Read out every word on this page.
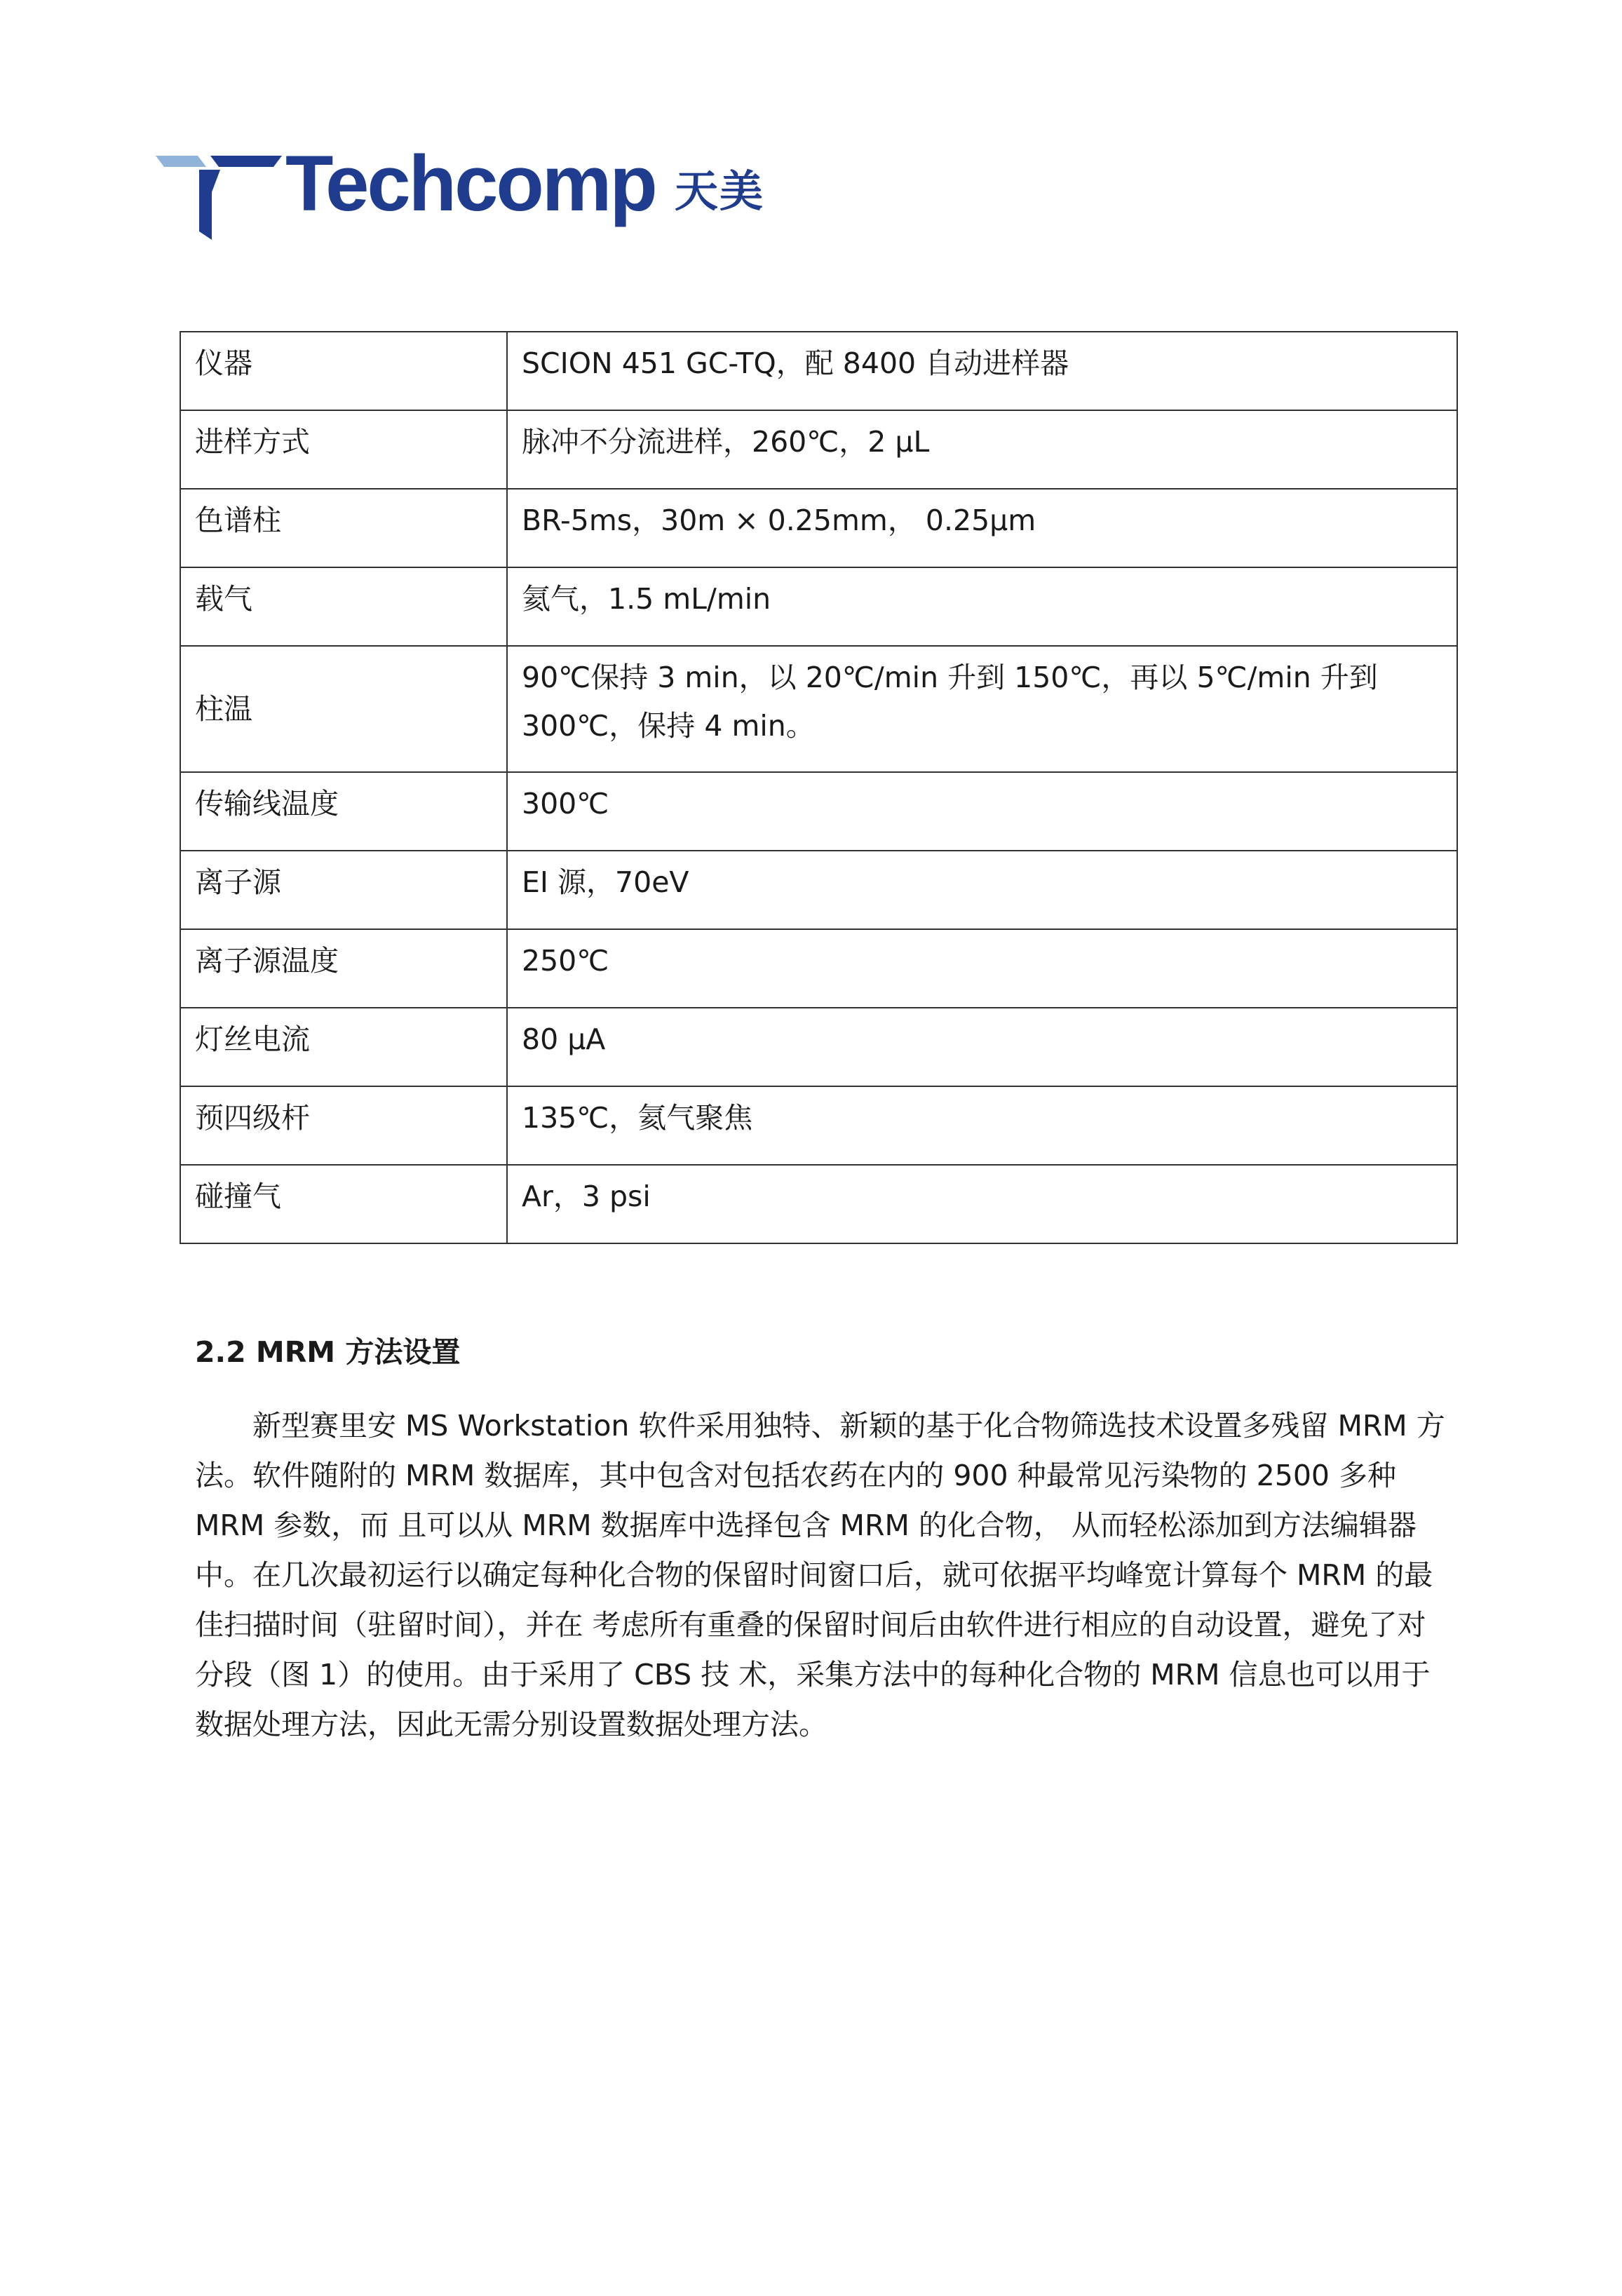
Techcomp 天美
仪器	SCION 451 GC-TQ，配 8400 自动进样器
进样方式	脉冲不分流进样，260℃，2 μL
色谱柱	BR-5ms，30m × 0.25mm， 0.25μm
载气	氦气，1.5 mL/min
柱温	90℃保持 3 min，以 20℃/min 升到 150℃，再以 5℃/min 升到 300℃，保持 4 min。
传输线温度	300℃
离子源	EI 源，70eV
离子源温度	250℃
灯丝电流	80 μA
预四级杆	135℃，氦气聚焦
碰撞气	Ar，3 psi
2.2 MRM 方法设置

新型赛里安 MS Workstation 软件采用独特、新颖的基于化合物筛选技术设置多残留 MRM 方法。软件随附的 MRM 数据库，其中包含对包括农药在内的 900 种最常见污染物的 2500 多种 MRM 参数，而 且可以从 MRM 数据库中选择包含 MRM 的化合物， 从而轻松添加到方法编辑器中。在几次最初运行以确定每种化合物的保留时间窗口后，就可依据平均峰宽计算每个 MRM 的最佳扫描时间（驻留时间），并在 考虑所有重叠的保留时间后由软件进行相应的自动设置，避免了对分段（图 1）的使用。由于采用了 CBS 技 术，采集方法中的每种化合物的 MRM 信息也可以用于数据处理方法，因此无需分别设置数据处理方法。
